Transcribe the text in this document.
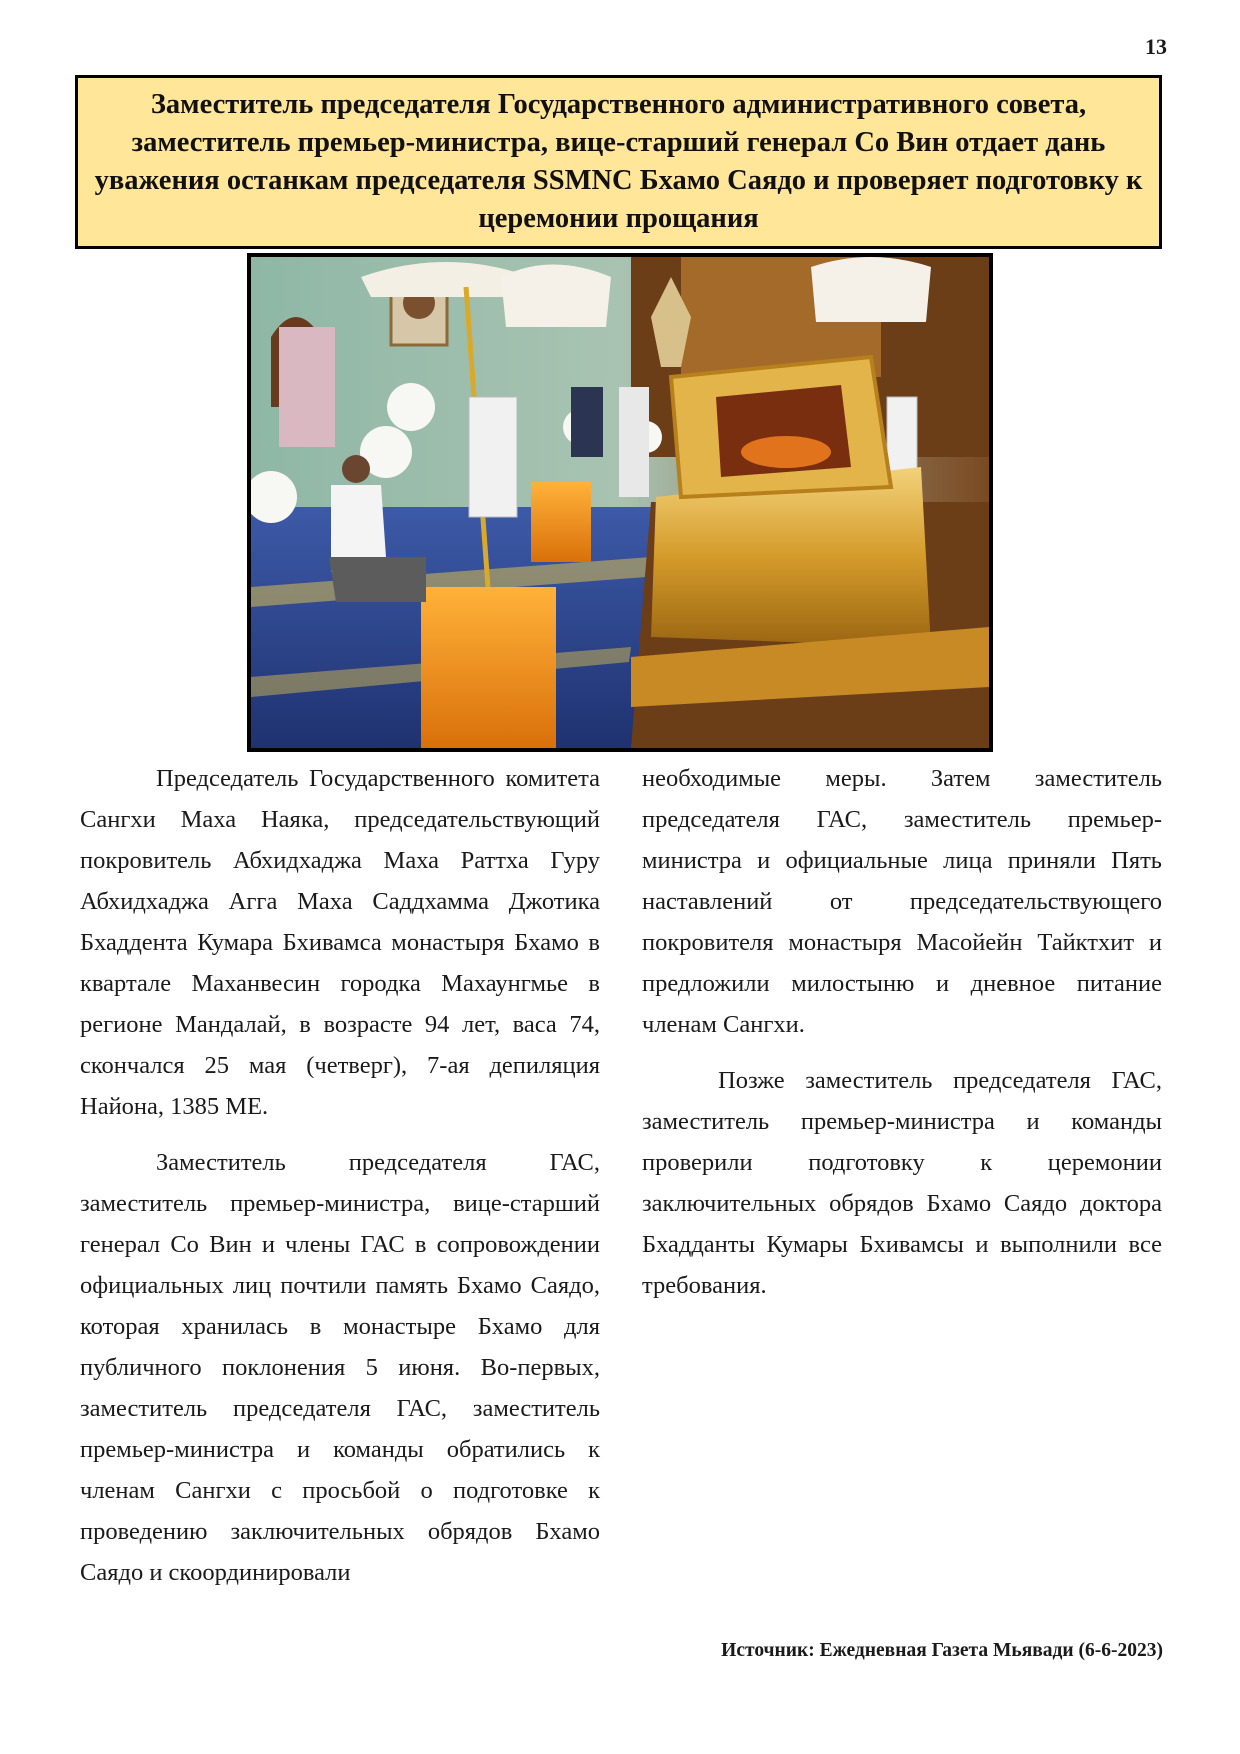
13
Заместитель председателя Государственного административного совета, заместитель премьер-министра, вице-старший генерал Со Вин отдает дань уважения останкам председателя SSMNC Бхамо Саядо и проверяет подготовку к церемонии прощания

Председатель Государственного комитета Сангхи Маха Наяка, председательствующий покровитель Абхидхаджа Маха Раттха Гуру Абхидхаджа Агга Маха Саддхамма Джотика Бхаддента Кумара Бхивамса монастыря Бхамо в квартале Маханвесин городка Махаунгмье в регионе Мандалай, в возрасте 94 лет, васа 74, скончался 25 мая (четверг), 7-ая депиляция Найона, 1385 ME.

Заместитель председателя ГАС, заместитель премьер-министра, вице-старший генерал Со Вин и члены ГАС в сопровождении официальных лиц почтили память Бхамо Саядо, которая хранилась в монастыре Бхамо для публичного поклонения 5 июня. Во-первых, заместитель председателя ГАС, заместитель премьер-министра и команды обратились к членам Сангхи с просьбой о подготовке к проведению заключительных обрядов Бхамо Саядо и скоординировали

необходимые меры. Затем заместитель председателя ГАС, заместитель премьер-министра и официальные лица приняли Пять наставлений от председательствующего покровителя монастыря Масойейн Тайктхит и предложили милостыню и дневное питание членам Сангхи.

Позже заместитель председателя ГАС, заместитель премьер-министра и команды проверили подготовку к церемонии заключительных обрядов Бхамо Саядо доктора Бхадданты Кумары Бхивамсы и выполнили все требования.

Источник: Ежедневная Газета Мьявади (6-6-2023)
